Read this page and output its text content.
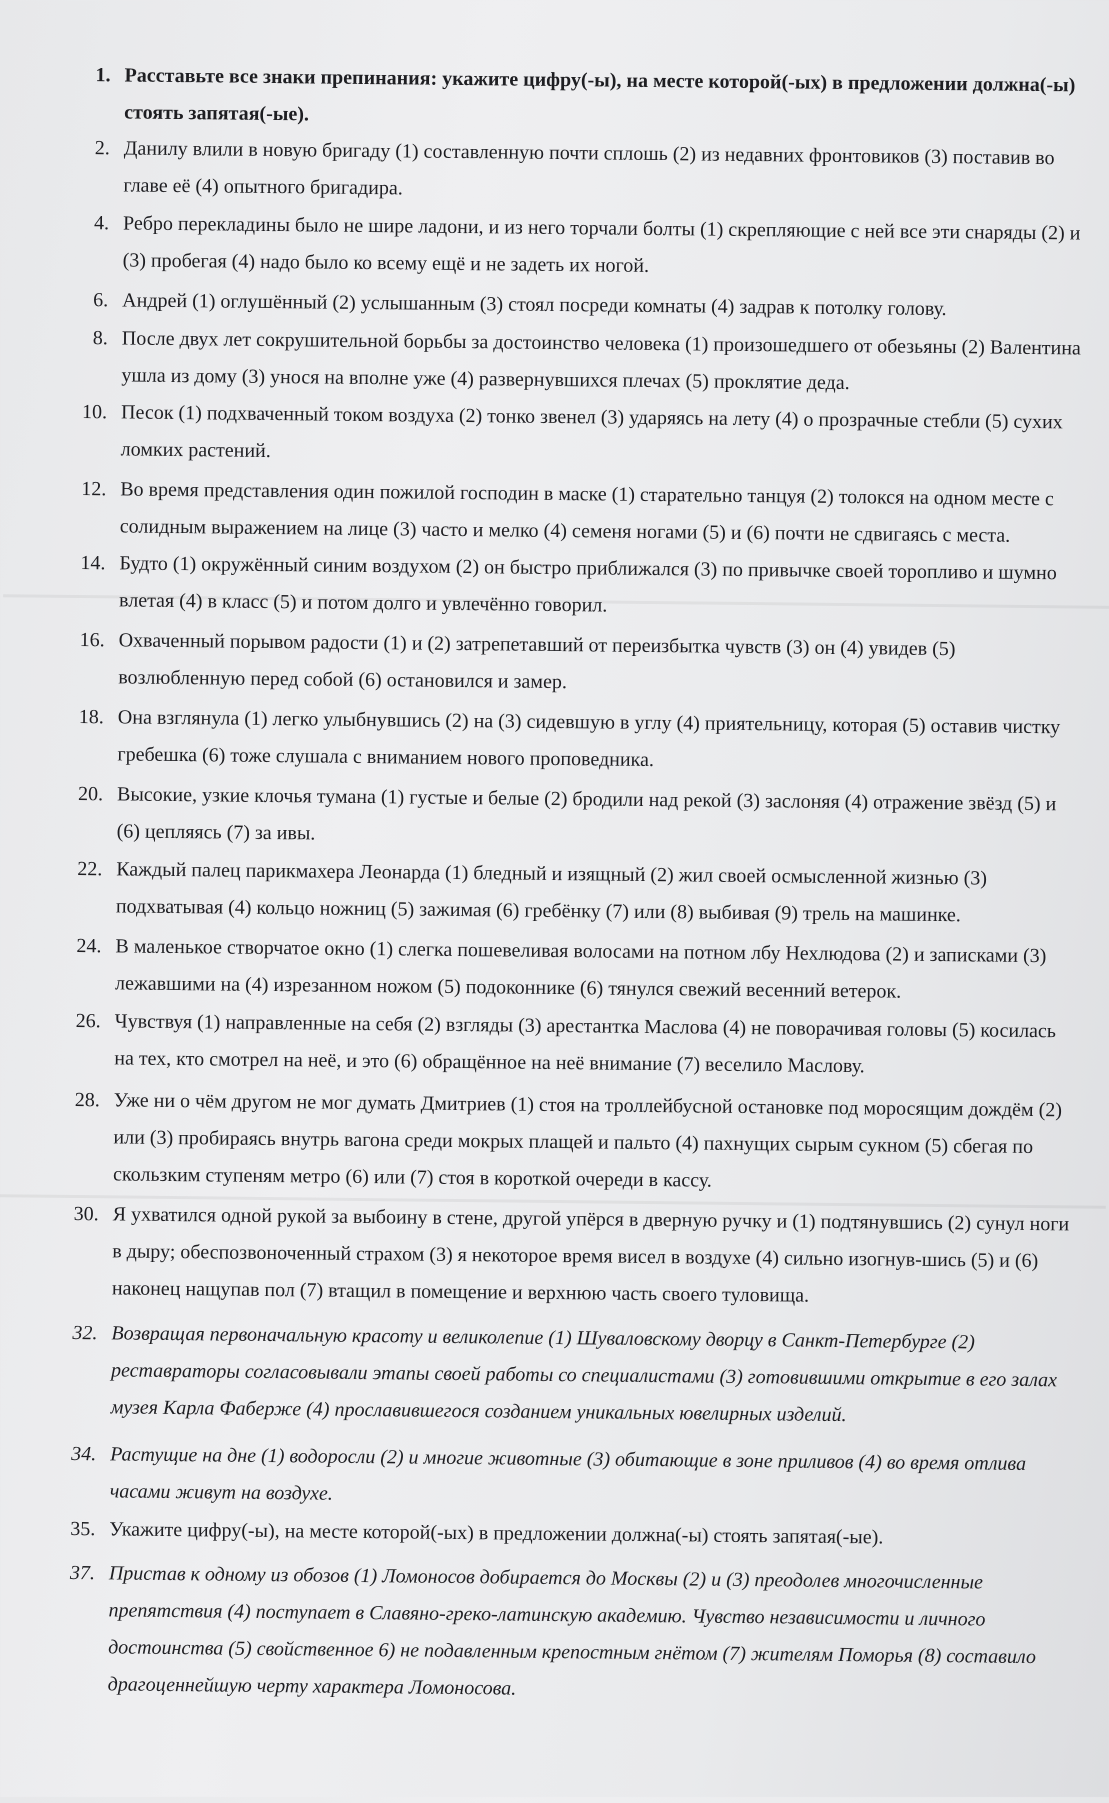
1. Расставьте все знаки препинания: укажите цифру(-ы), на месте которой(-ых) в предложении должна(-ы) стоять запятая(-ые).
2. Данилу влили в новую бригаду (1) составленную почти сплошь (2) из недавних фронтовиков (3) поставив во главе её (4) опытного бригадира.
4. Ребро перекладины было не шире ладони, и из него торчали болты (1) скрепляющие с ней все эти снаряды (2) и (3) пробегая (4) надо было ко всему ещё и не задеть их ногой.
6. Андрей (1) оглушённый (2) услышанным (3) стоял посреди комнаты (4) задрав к потолку голову.
8. После двух лет сокрушительной борьбы за достоинство человека (1) произошедшего от обезьяны (2) Валентина ушла из дому (3) унося на вполне уже (4) развернувшихся плечах (5) проклятие деда.
10. Песок (1) подхваченный током воздуха (2) тонко звенел (3) ударяясь на лету (4) о прозрачные стебли (5) сухих ломких растений.
12. Во время представления один пожилой господин в маске (1) старательно танцуя (2) толокся на одном месте с солидным выражением на лице (3) часто и мелко (4) семеня ногами (5) и (6) почти не сдвигаясь с места.
14. Будто (1) окружённый синим воздухом (2) он быстро приближался (3) по привычке своей торопливо и шумно влетая (4) в класс (5) и потом долго и увлечённо говорил.
16. Охваченный порывом радости (1) и (2) затрепетавший от переизбытка чувств (3) он (4) увидев (5) возлюбленную перед собой (6) остановился и замер.
18. Она взглянула (1) легко улыбнувшись (2) на (3) сидевшую в углу (4) приятельницу, которая (5) оставив чистку гребешка (6) тоже слушала с вниманием нового проповедника.
20. Высокие, узкие клочья тумана (1) густые и белые (2) бродили над рекой (3) заслоняя (4) отражение звёзд (5) и (6) цепляясь (7) за ивы.
22. Каждый палец парикмахера Леонарда (1) бледный и изящный (2) жил своей осмысленной жизнью (3) подхватывая (4) кольцо ножниц (5) зажимая (6) гребёнку (7) или (8) выбивая (9) трель на машинке.
24. В маленькое створчатое окно (1) слегка пошевеливая волосами на потном лбу Нехлюдова (2) и записками (3) лежавшими на (4) изрезанном ножом (5) подоконнике (6) тянулся свежий весенний ветерок.
26. Чувствуя (1) направленные на себя (2) взгляды (3) арестантка Маслова (4) не поворачивая головы (5) косилась на тех, кто смотрел на неё, и это (6) обращённое на неё внимание (7) веселило Маслову.
28. Уже ни о чём другом не мог думать Дмитриев (1) стоя на троллейбусной остановке под моросящим дождём (2) или (3) пробираясь внутрь вагона среди мокрых плащей и пальто (4) пахнущих сырым сукном (5) сбегая по скользким ступеням метро (6) или (7) стоя в короткой очереди в кассу.
30. Я ухватился одной рукой за выбоину в стене, другой упёрся в дверную ручку и (1) подтянувшись (2) сунул ноги в дыру; обеспозвоноченный страхом (3) я некоторое время висел в воздухе (4) сильно изогнув-шись (5) и (6) наконец нащупав пол (7) втащил в помещение и верхнюю часть своего туловища.
32. Возвращая первоначальную красоту и великолепие (1) Шуваловскому дворцу в Санкт-Петербурге (2) реставраторы согласовывали этапы своей работы со специалистами (3) готовившими открытие в его залах музея Карла Фаберже (4) прославившегося созданием уникальных ювелирных изделий.
34. Растущие на дне (1) водоросли (2) и многие животные (3) обитающие в зоне приливов (4) во время отлива часами живут на воздухе.
35. Укажите цифру(-ы), на месте которой(-ых) в предложении должна(-ы) стоять запятая(-ые).
37. Пристав к одному из обозов (1) Ломоносов добирается до Москвы (2) и (3) преодолев многочисленные препятствия (4) поступает в Славяно-греко-латинскую академию. Чувство независимости и личного достоинства (5) свойственное 6) не подавленным крепостным гнётом (7) жителям Поморья (8) составило драгоценнейшую черту характера Ломоносова.
